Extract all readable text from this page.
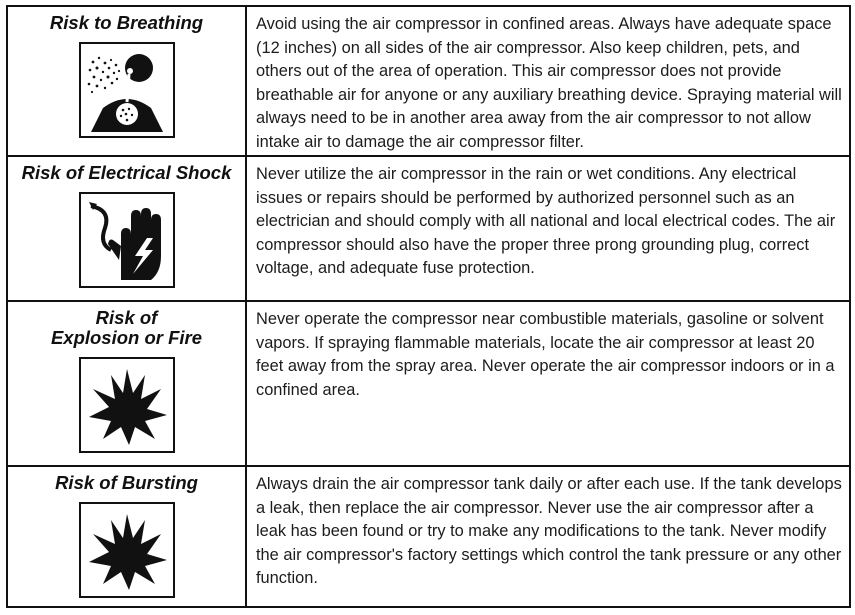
Risk to Breathing	Avoid using the air compressor in confined areas. Always have adequate space (12 inches) on all sides of the air compressor. Also keep children, pets, and others out of the area of operation. This air compressor does not provide breathable air for anyone or any auxiliary breathing device. Spraying material will always need to be in another area away from the air compressor to not allow intake air to damage the air compressor filter.

Risk of Electrical Shock	Never utilize the air compressor in the rain or wet conditions. Any electrical issues or repairs should be performed by authorized personnel such as an electrician and should comply with all national and local electrical codes. The air compressor should also have the proper three prong grounding plug, correct voltage, and adequate fuse protection.

Risk of
Explosion or Fire	Never operate the compressor near combustible materials, gasoline or solvent vapors. If spraying flammable materials, locate the air compressor at least 20 feet away from the spray area. Never operate the air compressor indoors or in a confined area.

Risk of Bursting	Always drain the air compressor tank daily or after each use. If the tank develops a leak, then replace the air compressor. Never use the air compressor after a leak has been found or try to make any modifications to the tank. Never modify the air compressor's factory settings which control the tank pressure or any other function.
